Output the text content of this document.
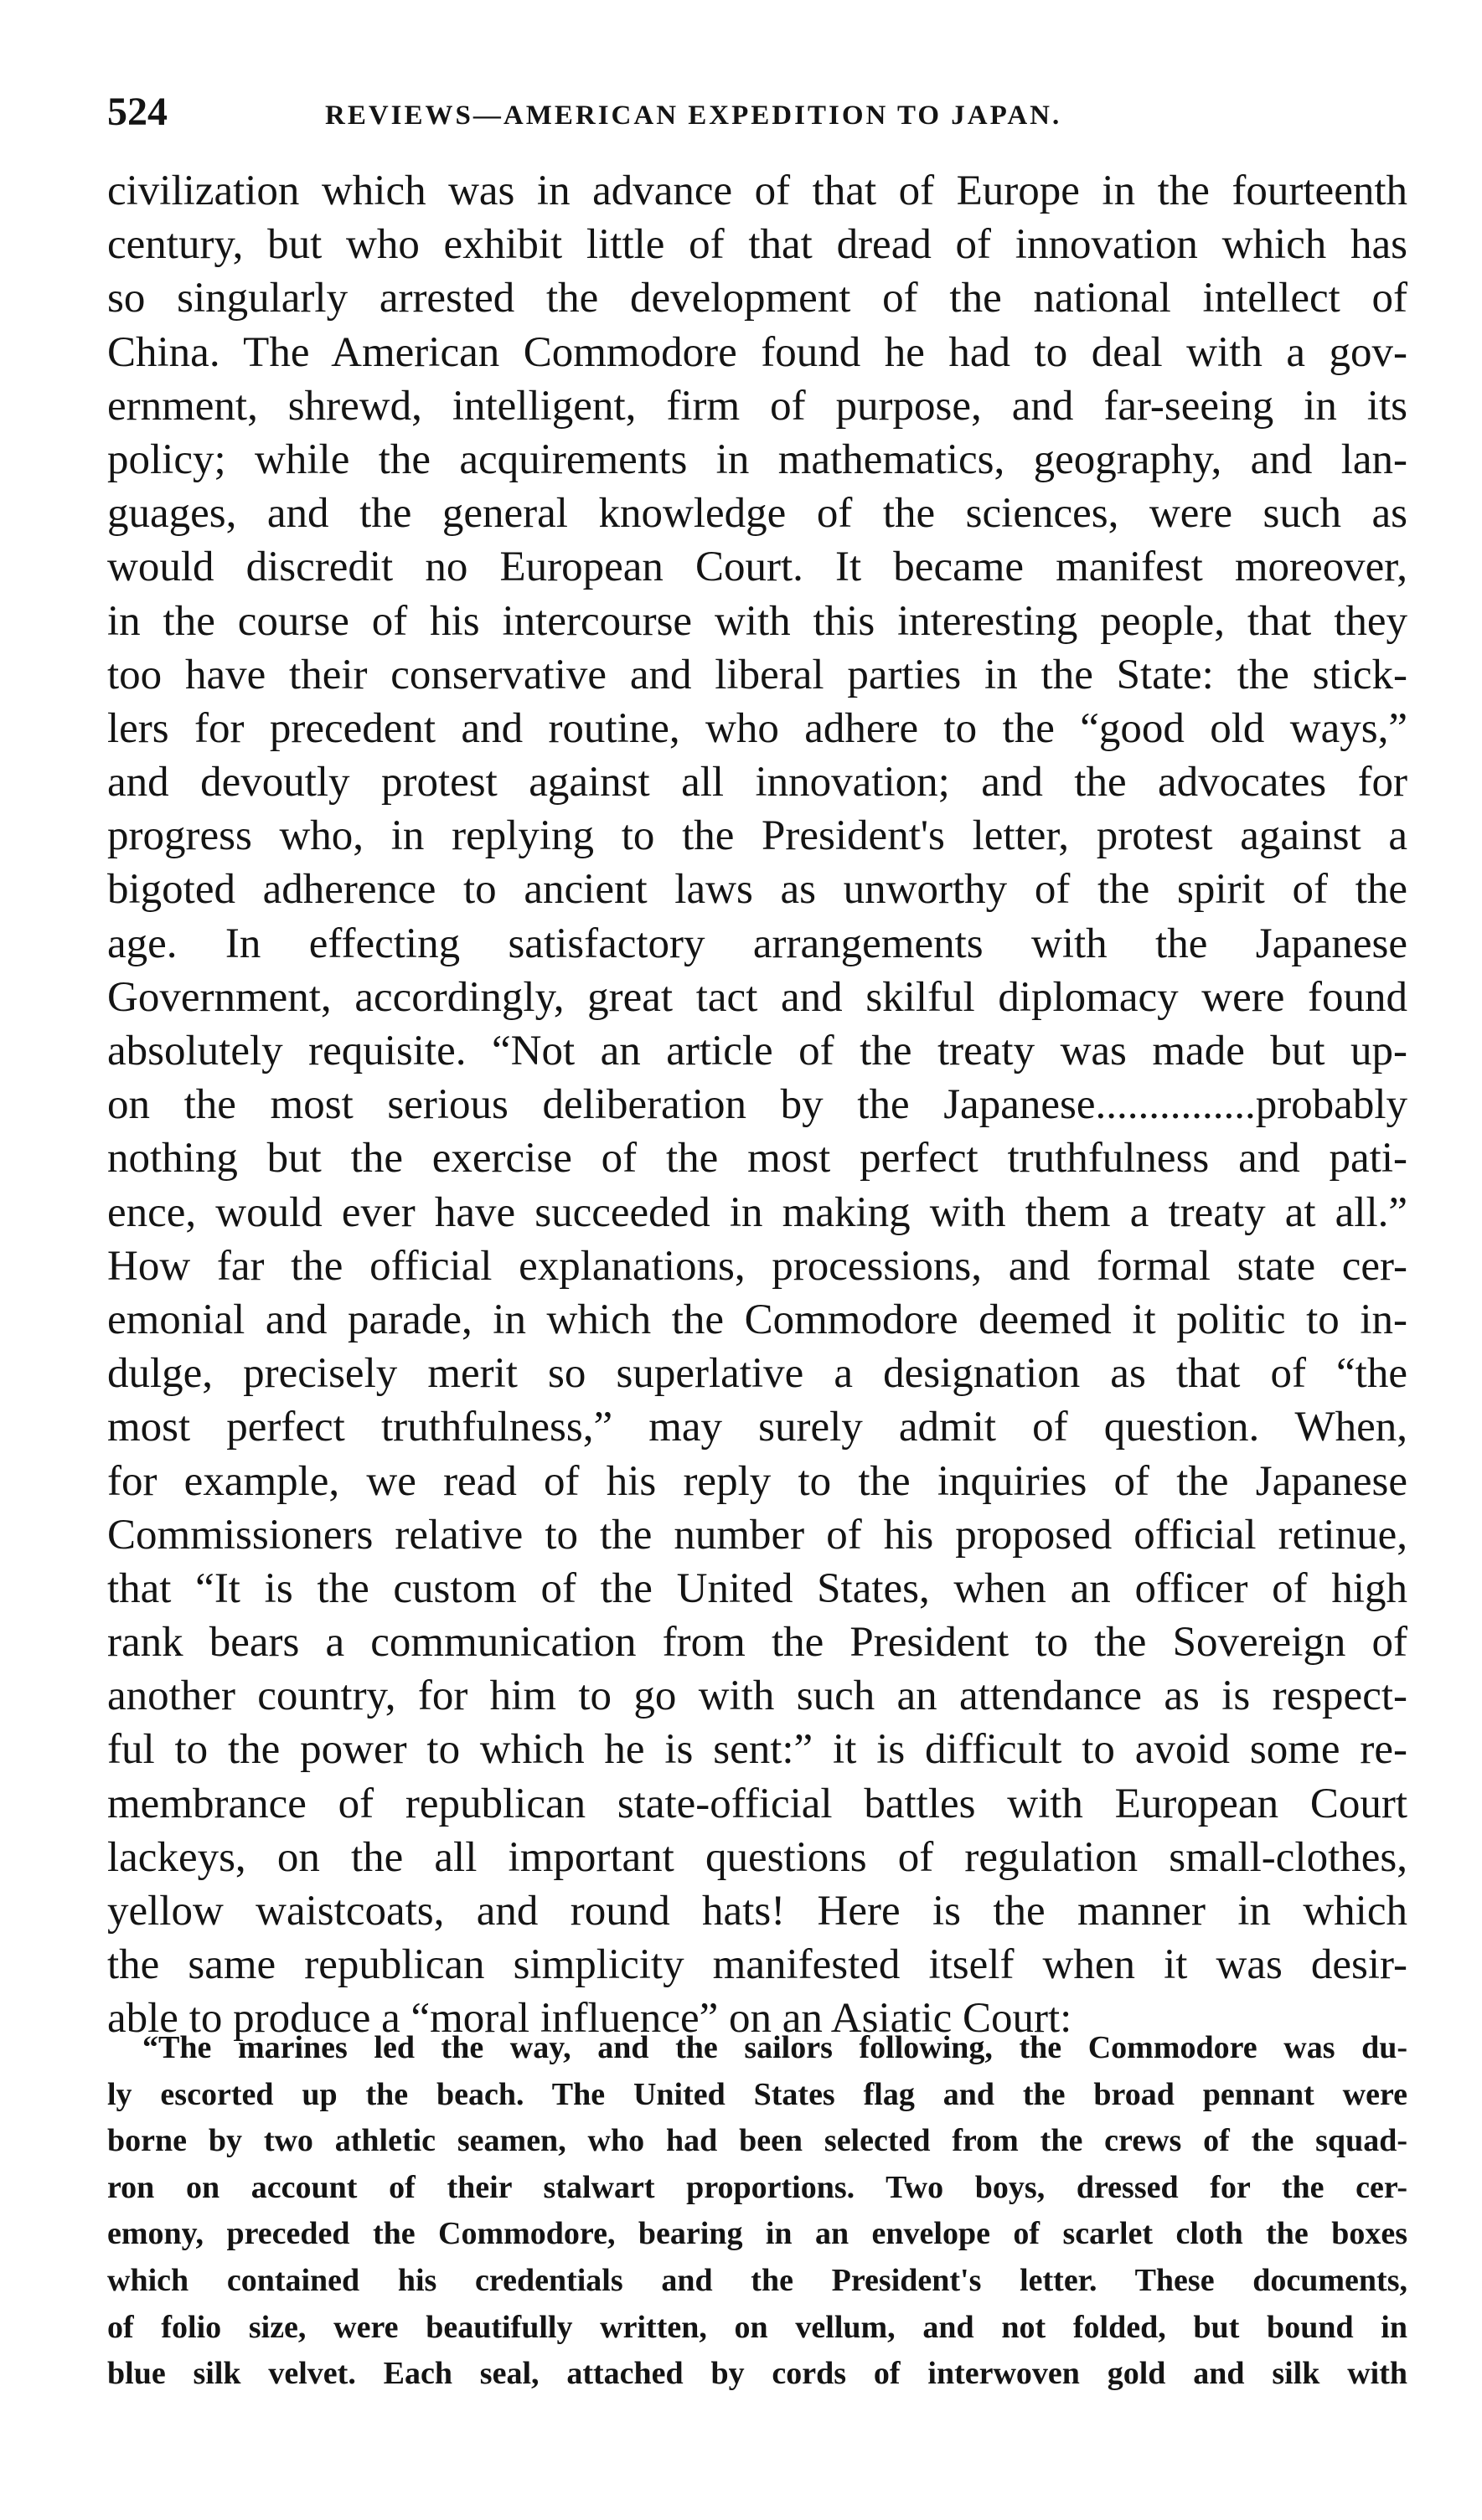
524	REVIEWS—AMERICAN EXPEDITION TO JAPAN.
civilization which was in advance of that of Europe in the fourteenth
century, but who exhibit little of that dread of innovation which has
so singularly arrested the development of the national intellect of
China. The American Commodore found he had to deal with a gov-
ernment, shrewd, intelligent, firm of purpose, and far-seeing in its
policy; while the acquirements in mathematics, geography, and lan-
guages, and the general knowledge of the sciences, were such as
would discredit no European Court. It became manifest moreover,
in the course of his intercourse with this interesting people, that they
too have their conservative and liberal parties in the State: the stick-
lers for precedent and routine, who adhere to the “good old ways,”
and devoutly protest against all innovation; and the advocates for
progress who, in replying to the President's letter, protest against a
bigoted adherence to ancient laws as unworthy of the spirit of the
age. In effecting satisfactory arrangements with the Japanese
Government, accordingly, great tact and skilful diplomacy were found
absolutely requisite. “Not an article of the treaty was made but up-
on the most serious deliberation by the Japanese...............probably
nothing but the exercise of the most perfect truthfulness and pati-
ence, would ever have succeeded in making with them a treaty at all.”
How far the official explanations, processions, and formal state cer-
emonial and parade, in which the Commodore deemed it politic to in-
dulge, precisely merit so superlative a designation as that of “the
most perfect truthfulness,” may surely admit of question. When,
for example, we read of his reply to the inquiries of the Japanese
Commissioners relative to the number of his proposed official retinue,
that “It is the custom of the United States, when an officer of high
rank bears a communication from the President to the Sovereign of
another country, for him to go with such an attendance as is respect-
ful to the power to which he is sent:” it is difficult to avoid some re-
membrance of republican state-official battles with European Court
lackeys, on the all important questions of regulation small-clothes,
yellow waistcoats, and round hats! Here is the manner in which
the same republican simplicity manifested itself when it was desir-
able to produce a “moral influence” on an Asiatic Court:
“The marines led the way, and the sailors following, the Commodore was du-
ly escorted up the beach. The United States flag and the broad pennant were
borne by two athletic seamen, who had been selected from the crews of the squad-
ron on account of their stalwart proportions. Two boys, dressed for the cer-
emony, preceded the Commodore, bearing in an envelope of scarlet cloth the boxes
which contained his credentials and the President's letter. These documents,
of folio size, were beautifully written, on vellum, and not folded, but bound in
blue silk velvet. Each seal, attached by cords of interwoven gold and silk with
